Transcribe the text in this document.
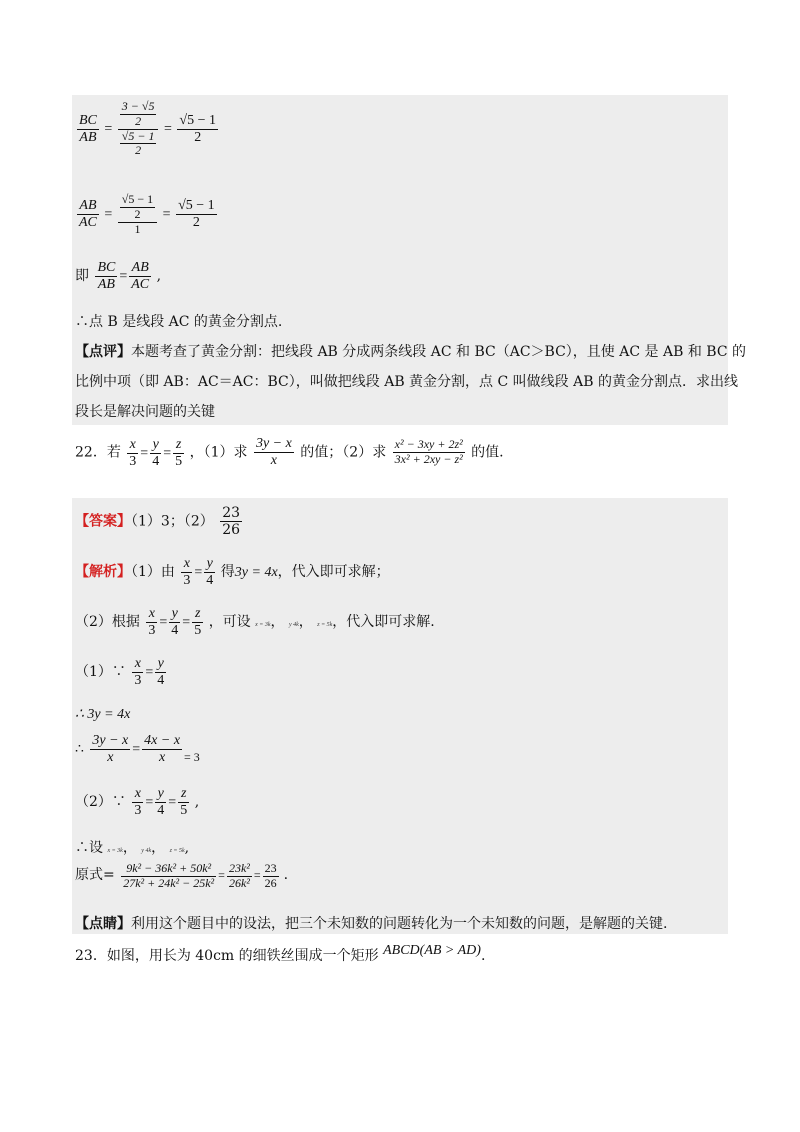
$\frac{BC}{AB} = \frac{\frac{3 - √5}{2}}{\frac{√5 - 1}{2}} = \frac{√5 - 1}{2}$
$\frac{AB}{AC} = \frac{\frac{√5 - 1}{2}}{1} = \frac{√5 - 1}{2}$
即 $\frac{BC}{AB} = \frac{AB}{AC}$ ,
∴点 B 是线段 AC 的黄金分割点.
【点评】本题考查了黄金分割：把线段 AB 分成两条线段 AC 和 BC（AC＞BC），且使 AC 是 AB 和 BC 的
比例中项（即 AB：AC＝AC：BC），叫做把线段 AB 黄金分割，点 C 叫做线段 AB 的黄金分割点．求出线
段长是解决问题的关键
22．若 $\frac{x}{3} = \frac{y}{4} = \frac{z}{5}$ ，（1）求 $\frac{3y - x}{x}$ 的值；（2）求 $\frac{\text{x² − 3xy + 2z²}}{\text{3x² + 2xy − z²}}$ 的值.
【答案】（1）3；$(2) \frac{23}{26}$
【解析】（1）由 $\frac{x}{3} = \frac{y}{4}$ 得3y = 4x，代入即可求解；
（2）根据 $\frac{x}{3} = \frac{y}{4} = \frac{z}{5}$ ，可设 x = 3k， y 4k， z = 5k，代入即可求解.
（1）∵ $\frac{x}{3} = \frac{y}{4}$
∴ 3y = 4x
∴ $\frac{3y - x}{x} = \frac{4x - x}{x} = 3$
（2）∵ $\frac{x}{3} = \frac{y}{4} = \frac{z}{5}$ ,
∴设 x = 3k， y 4k， z = 5k,
原式= $\frac{\text{9k² − 36k² + 50k²}}{\text{27k² + 24k² − 25k²}} = \frac{\text{23k²}}{\text{26k²}} = \frac{23}{26}$ .
【点睛】利用这个题目中的设法，把三个未知数的问题转化为一个未知数的问题，是解题的关键.
23．如图，用长为 40cm 的细铁丝围成一个矩形 ABCD(AB > AD).
